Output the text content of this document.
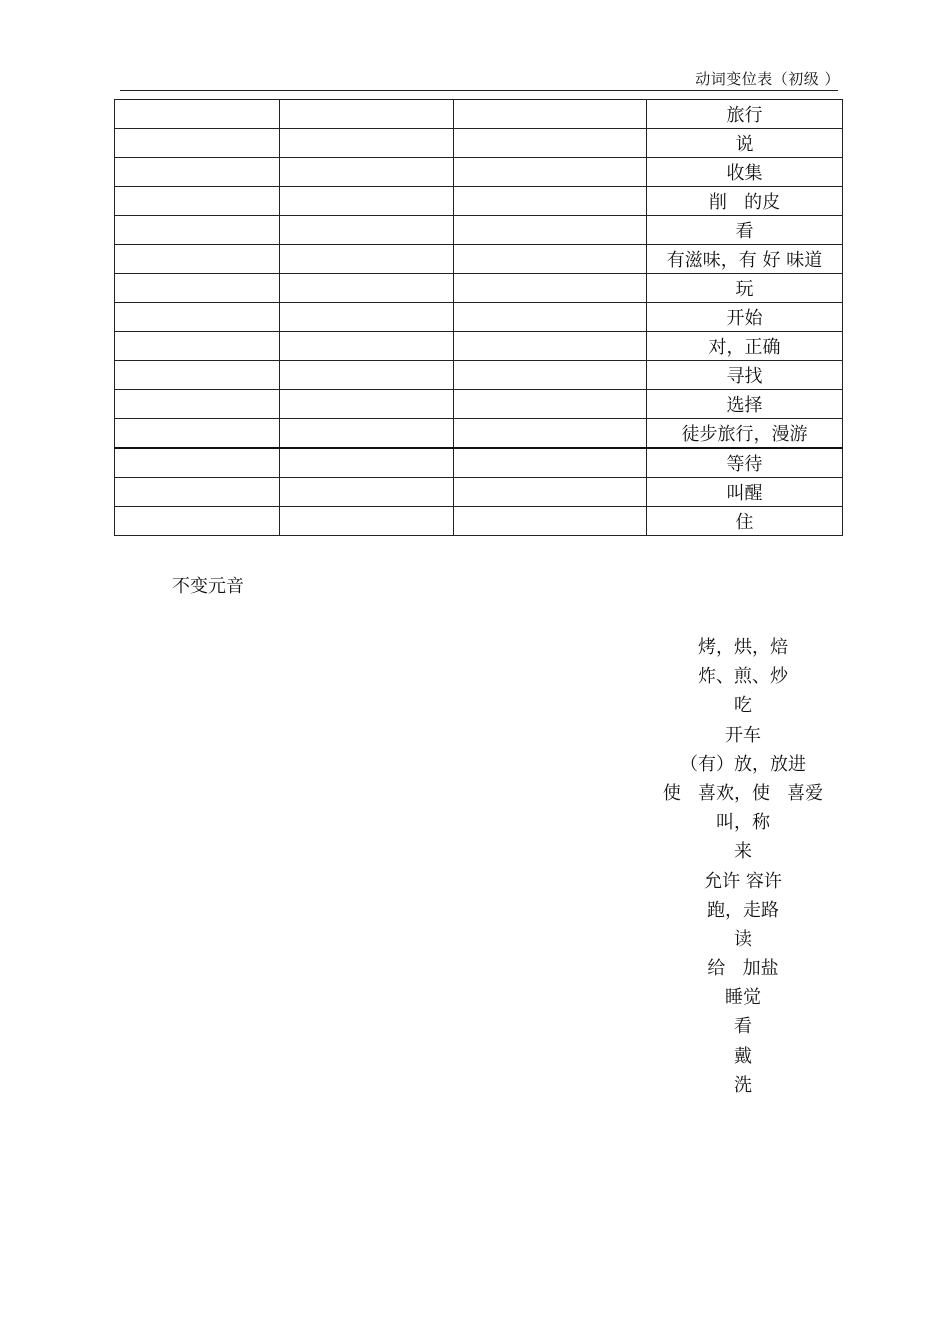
动词变位表（初级 ）
			旅行
			说
			收集
			削   的皮
			看
			有滋味，有 好 味道
			玩
			开始
			对，正确
			寻找
			选择
			徒步旅行，漫游
			等待
			叫醒
			住
不变元音
烤，烘，焙
炸、煎、炒
吃
开车
（有）放，放进
使   喜欢，使   喜爱
叫，称
来
允许 容许
跑，走路
读
给   加盐
睡觉
看
戴
洗
